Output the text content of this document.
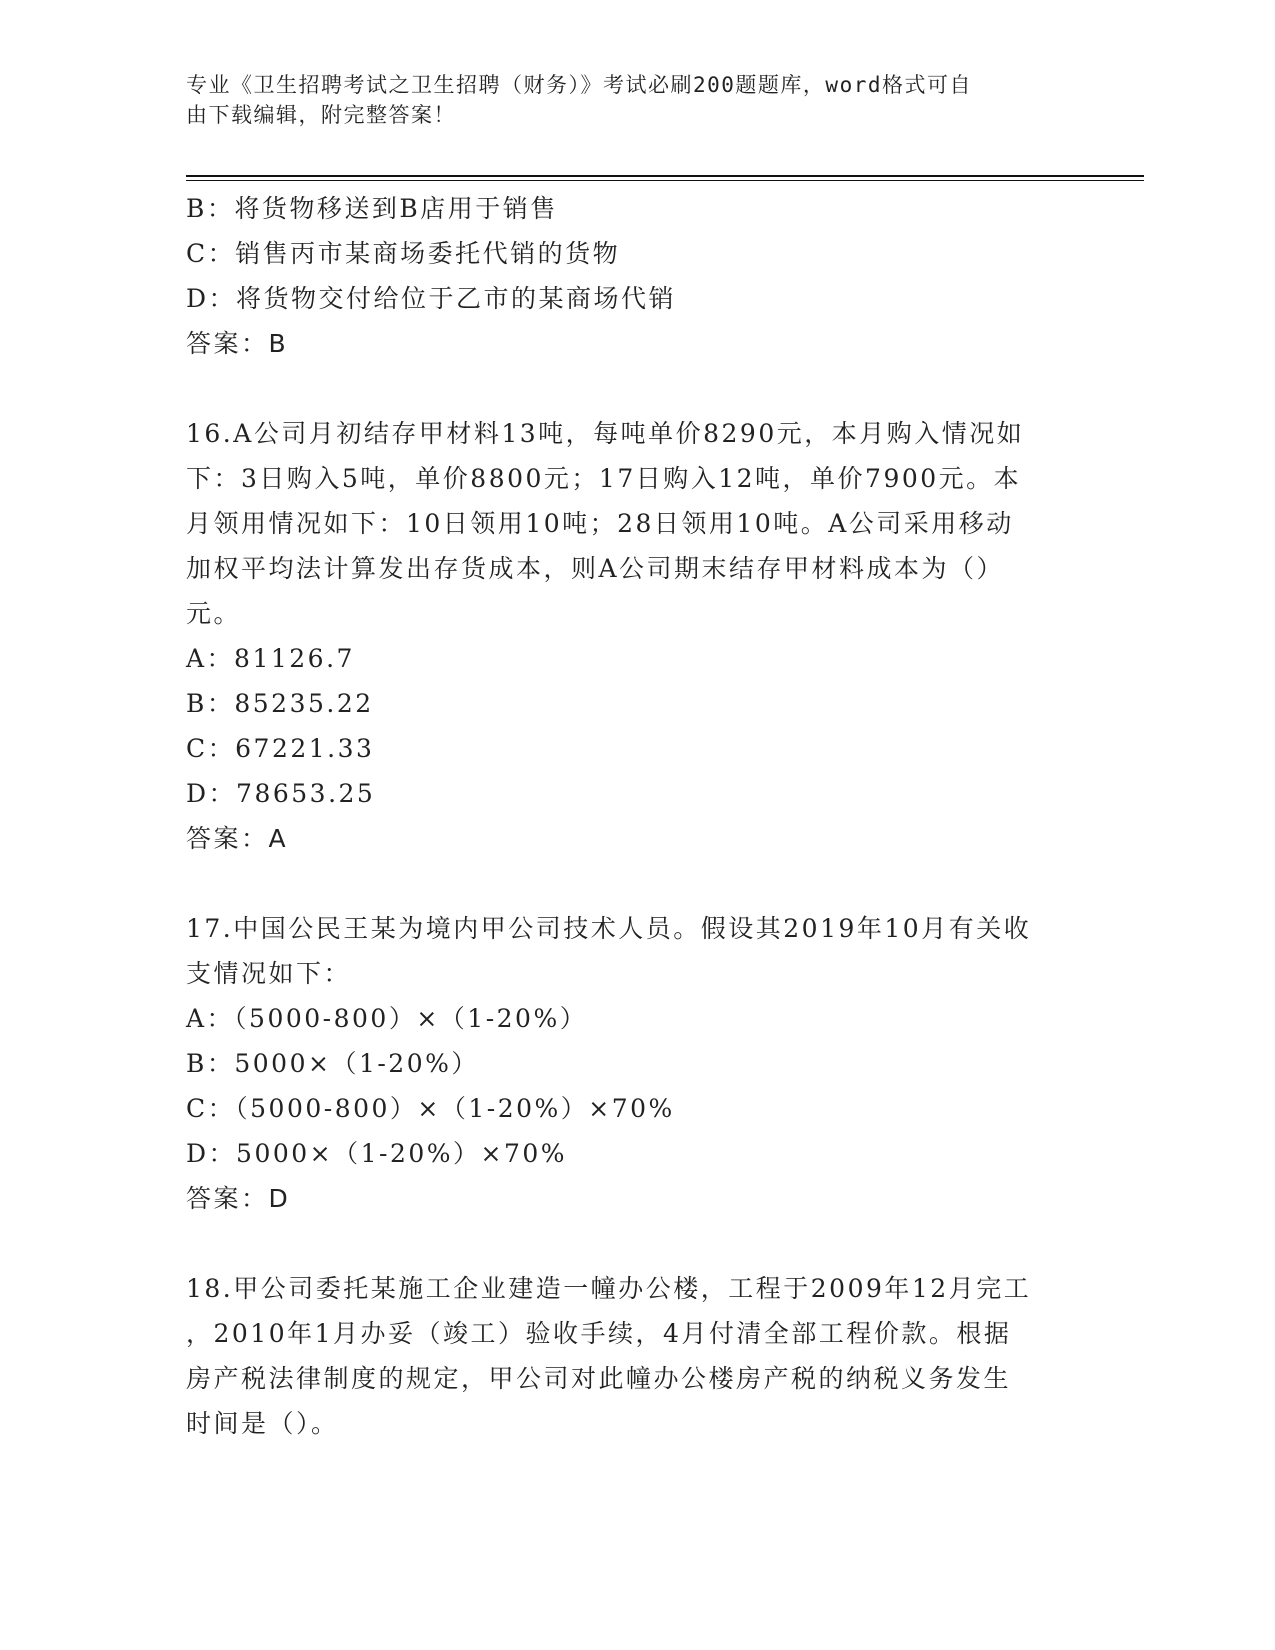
专业《卫生招聘考试之卫生招聘（财务）》考试必刷200题题库，word格式可自
由下载编辑，附完整答案！
B：将货物移送到B店用于销售
C：销售丙市某商场委托代销的货物
D：将货物交付给位于乙市的某商场代销
答案：B
16.A公司月初结存甲材料13吨，每吨单价8290元，本月购入情况如
下：3日购入5吨，单价8800元；17日购入12吨，单价7900元。本
月领用情况如下：10日领用10吨；28日领用10吨。A公司采用移动
加权平均法计算发出存货成本，则A公司期末结存甲材料成本为（）
元。
A：81126.7
B：85235.22
C：67221.33
D：78653.25
答案：A
17.中国公民王某为境内甲公司技术人员。假设其2019年10月有关收
支情况如下：
A：（5000-800）×（1-20%）
B：5000×（1-20%）
C：（5000-800）×（1-20%）×70%
D：5000×（1-20%）×70%
答案：D
18.甲公司委托某施工企业建造一幢办公楼，工程于2009年12月完工
，2010年1月办妥（竣工）验收手续，4月付清全部工程价款。根据
房产税法律制度的规定，甲公司对此幢办公楼房产税的纳税义务发生
时间是（）。
